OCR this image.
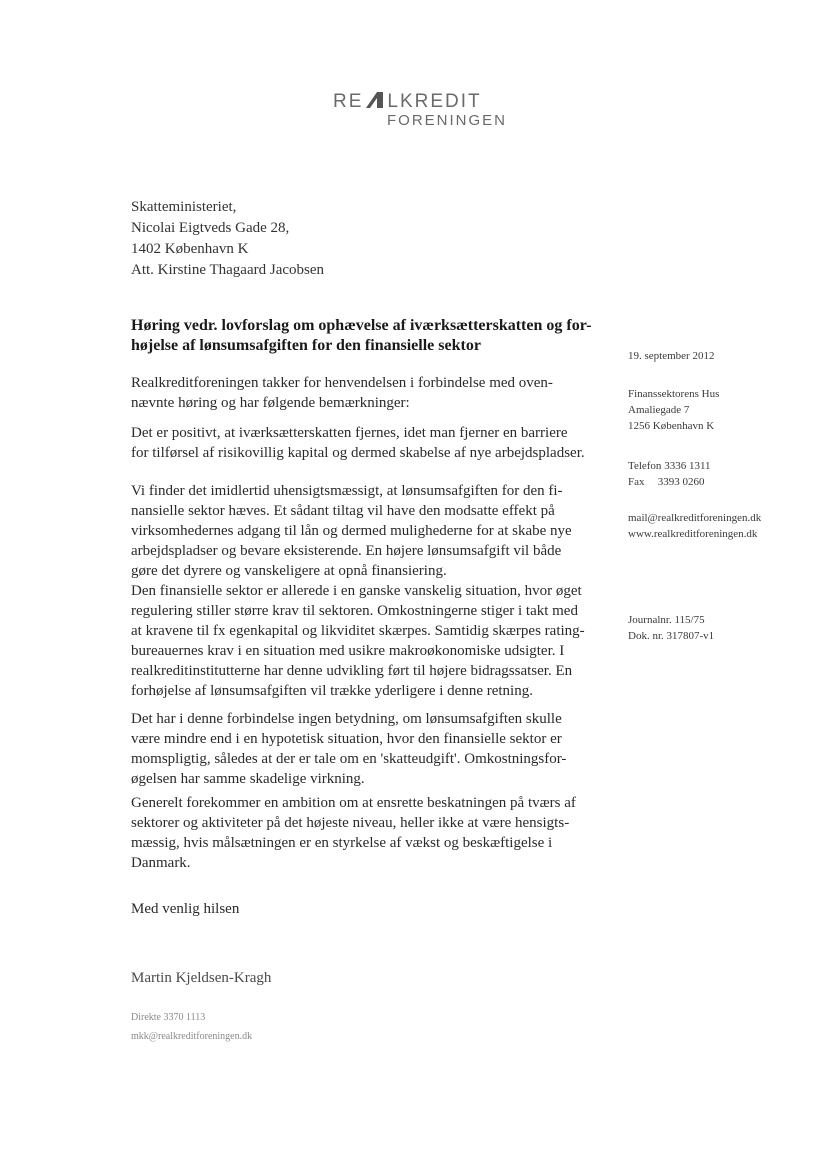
RE LKREDIT
FORENINGEN
Skatteministeriet,
Nicolai Eigtveds Gade 28,
1402 København K
Att. Kirstine Thagaard Jacobsen
Høring vedr. lovforslag om ophævelse af iværksætterskatten og for-
højelse af lønsumsafgiften for den finansielle sektor

Realkreditforeningen takker for henvendelsen i forbindelse med oven-
nævnte høring og har følgende bemærkninger:

Det er positivt, at iværksætterskatten fjernes, idet man fjerner en barriere
for tilførsel af risikovillig kapital og dermed skabelse af nye arbejdspladser.

Vi finder det imidlertid uhensigtsmæssigt, at lønsumsafgiften for den fi-
nansielle sektor hæves. Et sådant tiltag vil have den modsatte effekt på
virksomhedernes adgang til lån og dermed mulighederne for at skabe nye
arbejdspladser og bevare eksisterende. En højere lønsumsafgift vil både
gøre det dyrere og vanskeligere at opnå finansiering.

Den finansielle sektor er allerede i en ganske vanskelig situation, hvor øget
regulering stiller større krav til sektoren. Omkostningerne stiger i takt med
at kravene til fx egenkapital og likviditet skærpes. Samtidig skærpes rating-
bureauernes krav i en situation med usikre makroøkonomiske udsigter. I
realkreditinstitutterne har denne udvikling ført til højere bidragssatser. En
forhøjelse af lønsumsafgiften vil trække yderligere i denne retning.

Det har i denne forbindelse ingen betydning, om lønsumsafgiften skulle
være mindre end i en hypotetisk situation, hvor den finansielle sektor er
momspligtig, således at der er tale om en 'skatteudgift'. Omkostningsfor-
øgelsen har samme skadelige virkning.

Generelt forekommer en ambition om at ensrette beskatningen på tværs af
sektorer og aktiviteter på det højeste niveau, heller ikke at være hensigts-
mæssig, hvis målsætningen er en styrkelse af vækst og beskæftigelse i
Danmark.

Med venlig hilsen
Martin Kjeldsen-Kragh
Direkte 3370 1113
mkk@realkreditforeningen.dk
19. september 2012
Finanssektorens Hus
Amaliegade 7
1256 København K
Telefon 3336 1311
Fax 3393 0260
mail@realkreditforeningen.dk
www.realkreditforeningen.dk
Journalnr. 115/75
Dok. nr. 317807-v1
